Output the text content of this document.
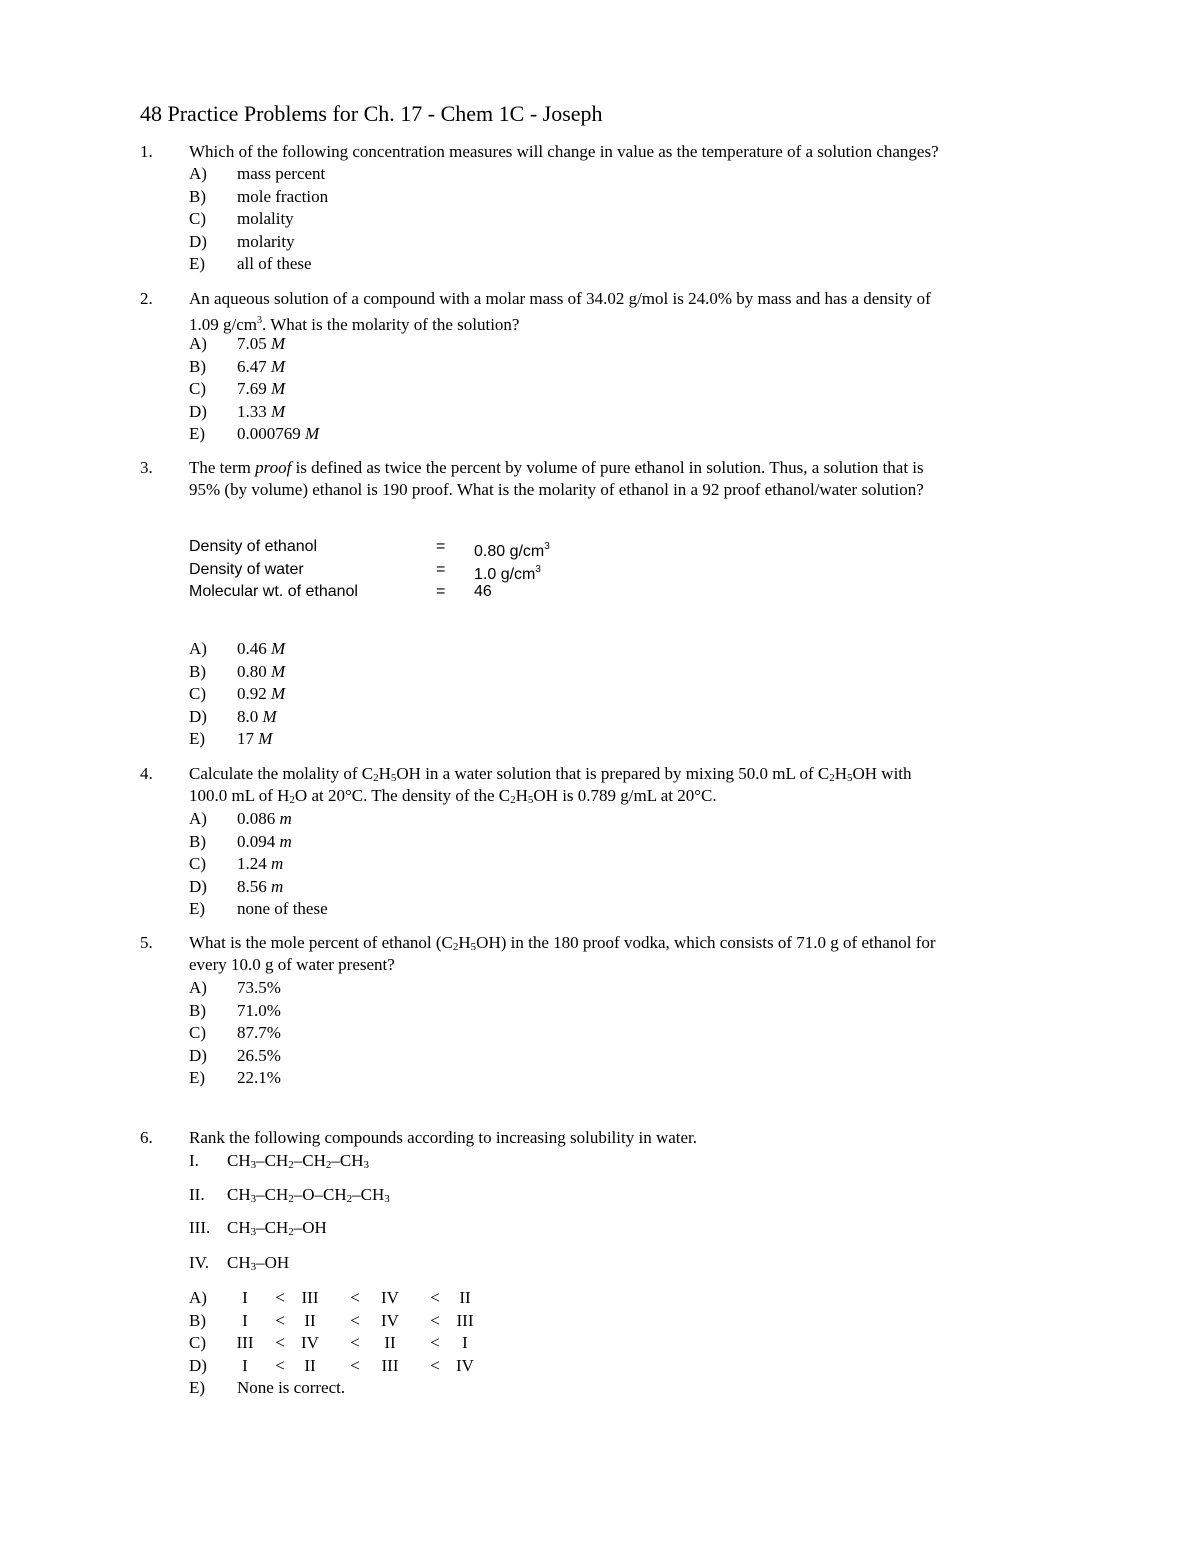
48 Practice Problems for Ch. 17 - Chem 1C - Joseph
1. Which of the following concentration measures will change in value as the temperature of a solution changes?
A) mass percent
B) mole fraction
C) molality
D) molarity
E) all of these
2. An aqueous solution of a compound with a molar mass of 34.02 g/mol is 24.0% by mass and has a density of
1.09 $g/cm^3$. What is the molarity of the solution?
A) 7.05 M
B) 6.47 M
C) 7.69 M
D) 1.33 M
E) 0.000769 M
3. The term proof is defined as twice the percent by volume of pure ethanol in solution. Thus, a solution that is
95% (by volume) ethanol is 190 proof. What is the molarity of ethanol in a 92 proof ethanol/water solution?
Density of ethanol	= 0.80 $g/cm^3$
Density of water	= 1.0 $g/cm^3$
Molecular wt. of ethanol	= 46
A) 0.46 M
B) 0.80 M
C) 0.92 M
D) 8.0 M
E) 17 M
4. Calculate the molality of $C_2H_5OH$ in a water solution that is prepared by mixing 50.0 mL of $C_2H_5OH$ with
100.0 mL of $H_2O$ at 20°C. The density of the $C_2H_5OH$ is 0.789 g/mL at 20°C.
A) 0.086 m
B) 0.094 m
C) 1.24 m
D) 8.56 m
E) none of these
5. What is the mole percent of ethanol $(C_2H_5OH)$ in the 180 proof vodka, which consists of 71.0 g of ethanol for
every 10.0 g of water present?
A) 73.5%
B) 71.0%
C) 87.7%
D) 26.5%
E) 22.1%
6. Rank the following compounds according to increasing solubility in water.
I. $CH_3-CH_2-CH_2-CH_3$
II. $CH_3-CH_2-O-CH_2-CH_3$
III. $CH_3-CH_2-OH$
IV. $CH_3-OH$
A)	I	< III	<	IV	<	II
B)	I	<	II	<	IV	< III
C)	III	< IV	<	II	<	I
D)	I	<	II	<	III	< IV
E) None is correct.
